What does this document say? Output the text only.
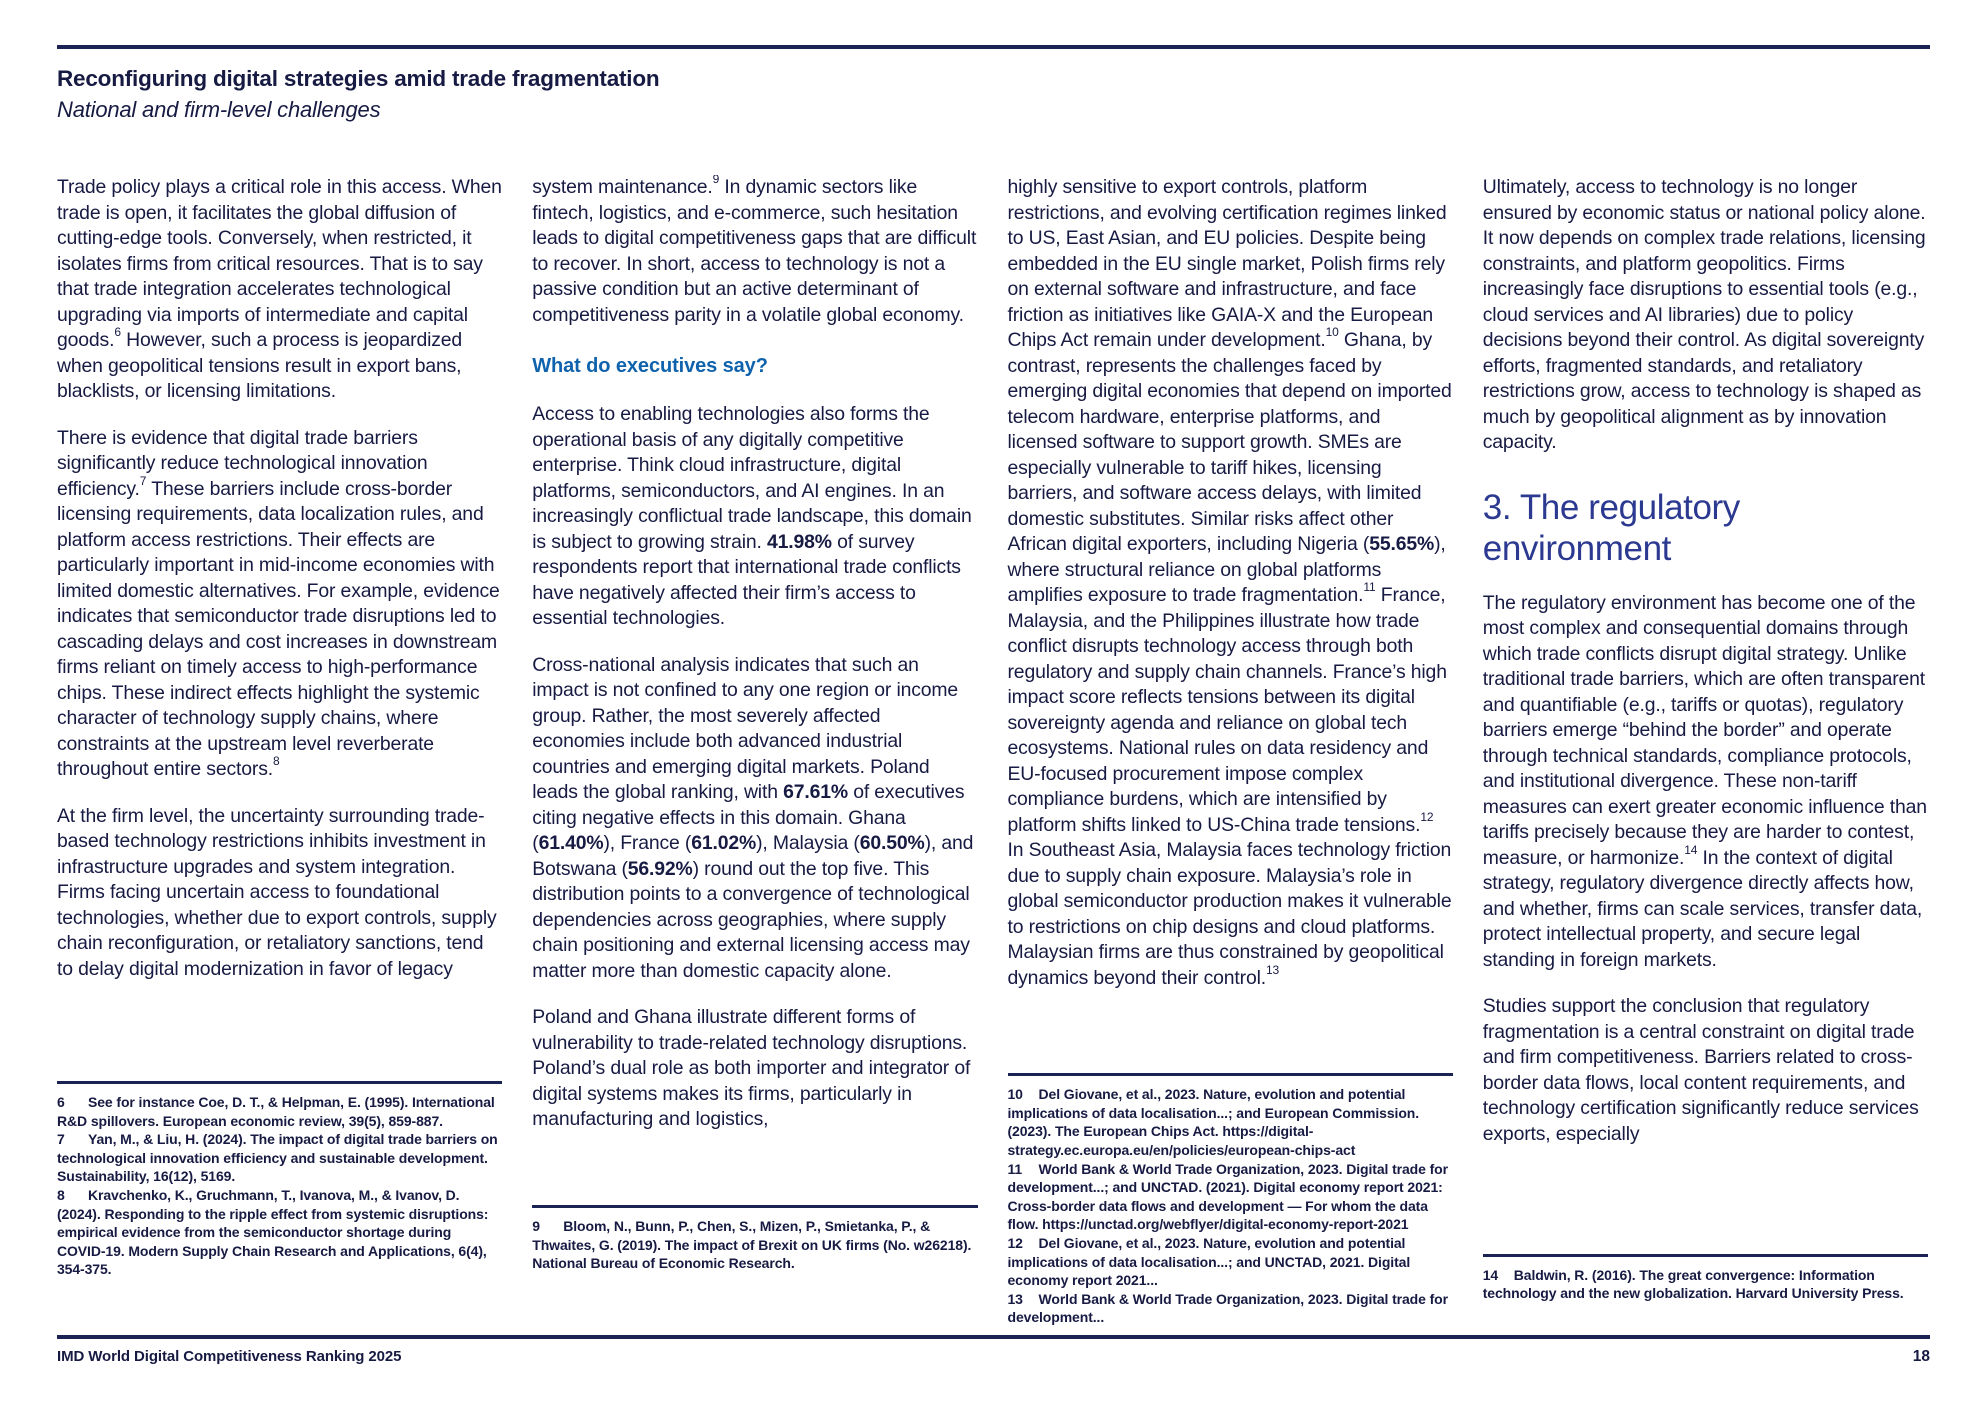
Reconfiguring digital strategies amid trade fragmentation

National and firm-level challenges

Trade policy plays a critical role in this access. When trade is open, it facilitates the global diffusion of cutting-edge tools. Conversely, when restricted, it isolates firms from critical resources. That is to say that trade integration accelerates technological upgrading via imports of intermediate and capital goods.$^6$ However, such a process is jeopardized when geopolitical tensions result in export bans, blacklists, or licensing limitations.

There is evidence that digital trade barriers significantly reduce technological innovation efficiency.$^7$ These barriers include cross-border licensing requirements, data localization rules, and platform access restrictions. Their effects are particularly important in mid-income economies with limited domestic alternatives. For example, evidence indicates that semiconductor trade disruptions led to cascading delays and cost increases in downstream firms reliant on timely access to high-performance chips. These indirect effects highlight the systemic character of technology supply chains, where constraints at the upstream level reverberate throughout entire sectors.$^8$

At the firm level, the uncertainty surrounding trade-based technology restrictions inhibits investment in infrastructure upgrades and system integration. Firms facing uncertain access to foundational technologies, whether due to export controls, supply chain reconfiguration, or retaliatory sanctions, tend to delay digital modernization in favor of legacy

6 See for instance Coe, D. T., & Helpman, E. (1995). International R&D spillovers. European economic review, 39(5), 859-887.

7 Yan, M., & Liu, H. (2024). The impact of digital trade barriers on technological innovation efficiency and sustainable development. Sustainability, 16(12), 5169.

8 Kravchenko, K., Gruchmann, T., Ivanova, M., & Ivanov, D. (2024). Responding to the ripple effect from systemic disruptions: empirical evidence from the semiconductor shortage during COVID-19. Modern Supply Chain Research and Applications, 6(4), 354-375.

system maintenance.$^9$ In dynamic sectors like fintech, logistics, and e-commerce, such hesitation leads to digital competitiveness gaps that are difficult to recover. In short, access to technology is not a passive condition but an active determinant of competitiveness parity in a volatile global economy.

What do executives say?

Access to enabling technologies also forms the operational basis of any digitally competitive enterprise. Think cloud infrastructure, digital platforms, semiconductors, and AI engines. In an increasingly conflictual trade landscape, this domain is subject to growing strain. 41.98% of survey respondents report that international trade conflicts have negatively affected their firm’s access to essential technologies.

Cross-national analysis indicates that such an impact is not confined to any one region or income group. Rather, the most severely affected economies include both advanced industrial countries and emerging digital markets. Poland leads the global ranking, with 67.61% of executives citing negative effects in this domain. Ghana (61.40%), France (61.02%), Malaysia (60.50%), and Botswana (56.92%) round out the top five. This distribution points to a convergence of technological dependencies across geographies, where supply chain positioning and external licensing access may matter more than domestic capacity alone.

Poland and Ghana illustrate different forms of vulnerability to trade-related technology disruptions. Poland’s dual role as both importer and integrator of digital systems makes its firms, particularly in manufacturing and logistics,

9 Bloom, N., Bunn, P., Chen, S., Mizen, P., Smietanka, P., & Thwaites, G. (2019). The impact of Brexit on UK firms (No. w26218). National Bureau of Economic Research.

highly sensitive to export controls, platform restrictions, and evolving certification regimes linked to US, East Asian, and EU policies. Despite being embedded in the EU single market, Polish firms rely on external software and infrastructure, and face friction as initiatives like GAIA-X and the European Chips Act remain under development.$^{10}$ Ghana, by contrast, represents the challenges faced by emerging digital economies that depend on imported telecom hardware, enterprise platforms, and licensed software to support growth. SMEs are especially vulnerable to tariff hikes, licensing barriers, and software access delays, with limited domestic substitutes. Similar risks affect other African digital exporters, including Nigeria (55.65%), where structural reliance on global platforms amplifies exposure to trade fragmentation.$^{11}$ France, Malaysia, and the Philippines illustrate how trade conflict disrupts technology access through both regulatory and supply chain channels. France’s high impact score reflects tensions between its digital sovereignty agenda and reliance on global tech ecosystems. National rules on data residency and EU-focused procurement impose complex compliance burdens, which are intensified by platform shifts linked to US-China trade tensions.$^{12}$ In Southeast Asia, Malaysia faces technology friction due to supply chain exposure. Malaysia’s role in global semiconductor production makes it vulnerable to restrictions on chip designs and cloud platforms. Malaysian firms are thus constrained by geopolitical dynamics beyond their control.$^{13}$

10 Del Giovane, et al., 2023. Nature, evolution and potential implications of data localisation...; and European Commission. (2023). The European Chips Act. https://digital-strategy.ec.europa.eu/en/policies/european-chips-act

11 World Bank & World Trade Organization, 2023. Digital trade for development...; and UNCTAD. (2021). Digital economy report 2021: Cross-border data flows and development — For whom the data flow. https://unctad.org/webflyer/digital-economy-report-2021

12 Del Giovane, et al., 2023. Nature, evolution and potential implications of data localisation...; and UNCTAD, 2021. Digital economy report 2021...

13 World Bank & World Trade Organization, 2023. Digital trade for development...

Ultimately, access to technology is no longer ensured by economic status or national policy alone. It now depends on complex trade relations, licensing constraints, and platform geopolitics. Firms increasingly face disruptions to essential tools (e.g., cloud services and AI libraries) due to policy decisions beyond their control. As digital sovereignty efforts, fragmented standards, and retaliatory restrictions grow, access to technology is shaped as much by geopolitical alignment as by innovation capacity.

3. The regulatory environment

The regulatory environment has become one of the most complex and consequential domains through which trade conflicts disrupt digital strategy. Unlike traditional trade barriers, which are often transparent and quantifiable (e.g., tariffs or quotas), regulatory barriers emerge “behind the border” and operate through technical standards, compliance protocols, and institutional divergence. These non-tariff measures can exert greater economic influence than tariffs precisely because they are harder to contest, measure, or harmonize.$^{14}$ In the context of digital strategy, regulatory divergence directly affects how, and whether, firms can scale services, transfer data, protect intellectual property, and secure legal standing in foreign markets.

Studies support the conclusion that regulatory fragmentation is a central constraint on digital trade and firm competitiveness. Barriers related to cross-border data flows, local content requirements, and technology certification significantly reduce services exports, especially

14 Baldwin, R. (2016). The great convergence: Information technology and the new globalization. Harvard University Press.

IMD World Digital Competitiveness Ranking 2025	18
